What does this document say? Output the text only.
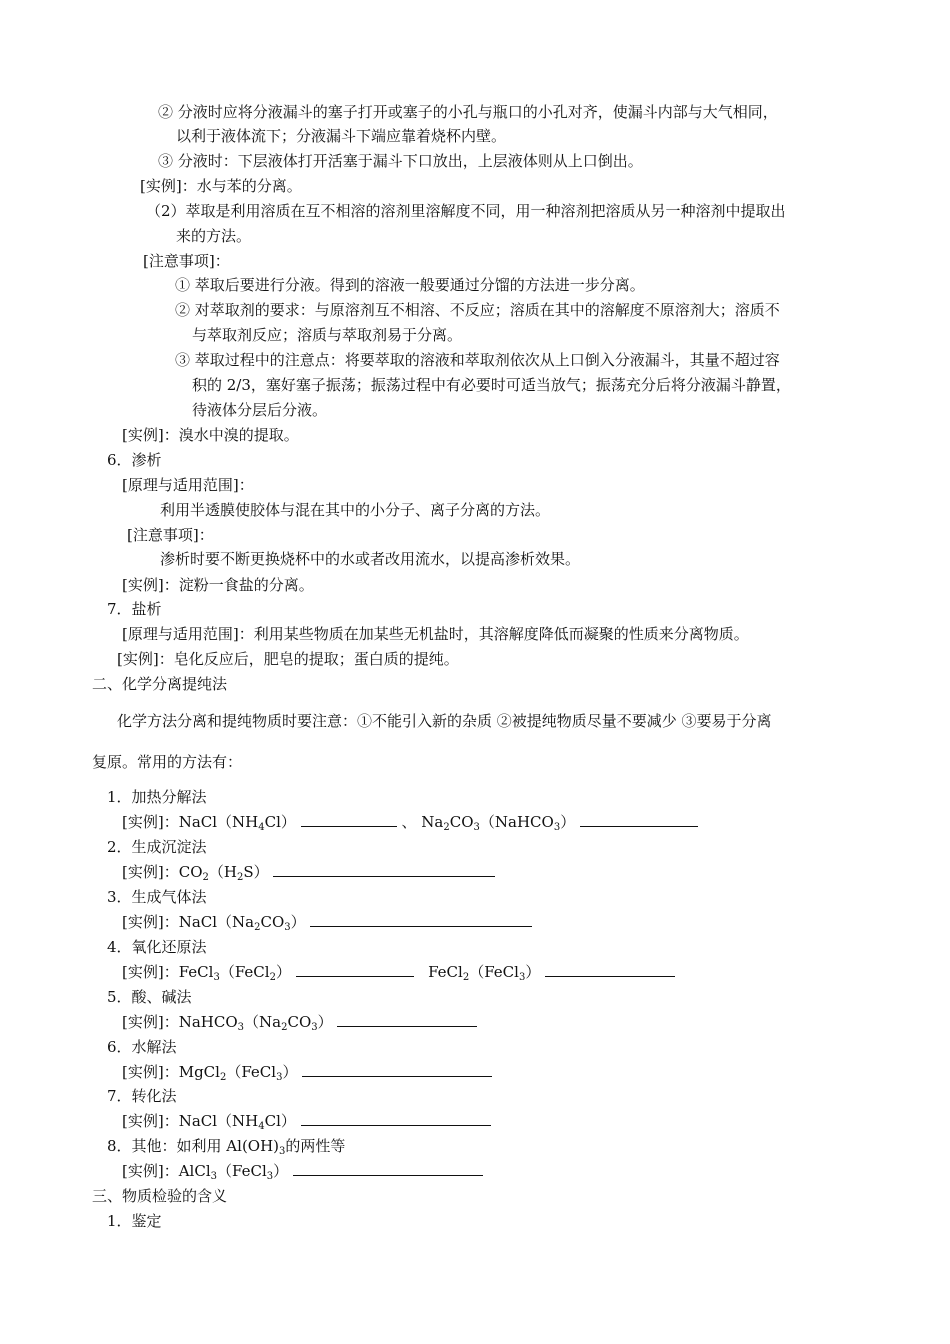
② 分液时应将分液漏斗的塞子打开或塞子的小孔与瓶口的小孔对齐，使漏斗内部与大气相同，
以利于液体流下；分液漏斗下端应靠着烧杯内壁。
③ 分液时：下层液体打开活塞于漏斗下口放出，上层液体则从上口倒出。
[实例]：水与苯的分离。
（2）萃取是利用溶质在互不相溶的溶剂里溶解度不同，用一种溶剂把溶质从另一种溶剂中提取出
来的方法。
[注意事项]：
① 萃取后要进行分液。得到的溶液一般要通过分馏的方法进一步分离。
② 对萃取剂的要求：与原溶剂互不相溶、不反应；溶质在其中的溶解度不原溶剂大；溶质不
与萃取剂反应；溶质与萃取剂易于分离。
③ 萃取过程中的注意点：将要萃取的溶液和萃取剂依次从上口倒入分液漏斗，其量不超过容
积的 2/3，塞好塞子振荡；振荡过程中有必要时可适当放气；振荡充分后将分液漏斗静置，
待液体分层后分液。
[实例]：溴水中溴的提取。
6．渗析
[原理与适用范围]：
利用半透膜使胶体与混在其中的小分子、离子分离的方法。
[注意事项]：
渗析时要不断更换烧杯中的水或者改用流水，以提高渗析效果。
[实例]：淀粉一食盐的分离。
7．盐析
[原理与适用范围]：利用某些物质在加某些无机盐时，其溶解度降低而凝聚的性质来分离物质。
[实例]：皂化反应后，肥皂的提取；蛋白质的提纯。
二、化学分离提纯法
化学方法分离和提纯物质时要注意：①不能引入新的杂质 ②被提纯物质尽量不要减少 ③要易于分离
复原。常用的方法有：
1．加热分解法
[实例]：$NaCl(NH_4Cl)$	、 $Na_2CO_3(NaHCO_3)$
2．生成沉淀法
[实例]：$CO_2(H_2S)$
3．生成气体法
[实例]：$NaCl(Na_2CO_3)$
4．氧化还原法
[实例]：FeCl$_3$（FeCl$_2$）	FeCl$_2$（FeCl$_3$）
5．酸、碱法
[实例]：$NaHCO_3(Na_2CO_3)$
6．水解法
[实例]：MgCl$_2$（FeCl$_3$）
7．转化法
[实例]：$NaCl(NH_4Cl)$
8．其他：如利用 $Al(OH)_3$的两性等
[实例]：AlCl$_3$（FeCl$_3$）
三、物质检验的含义
1．鉴定
